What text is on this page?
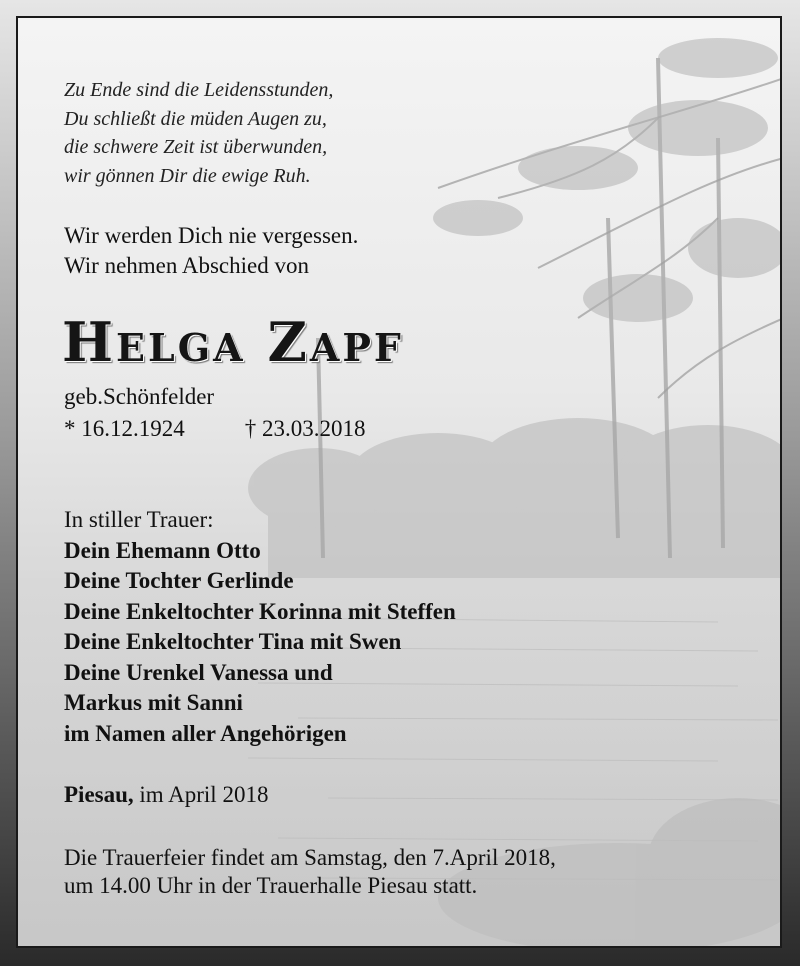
Zu Ende sind die Leidensstunden,
Du schließt die müden Augen zu,
die schwere Zeit ist überwunden,
wir gönnen Dir die ewige Ruh.

Wir werden Dich nie vergessen.
Wir nehmen Abschied von
Helga Zapf
geb.Schönfelder
* 16.12.1924	† 23.03.2018
In stiller Trauer:
Dein Ehemann Otto
Deine Tochter Gerlinde
Deine Enkeltochter Korinna mit Steffen
Deine Enkeltochter Tina mit Swen
Deine Urenkel Vanessa und
Markus mit Sanni
im Namen aller Angehörigen
Piesau, im April 2018
Die Trauerfeier findet am Samstag, den 7.April 2018,
um 14.00 Uhr in der Trauerhalle Piesau statt.
